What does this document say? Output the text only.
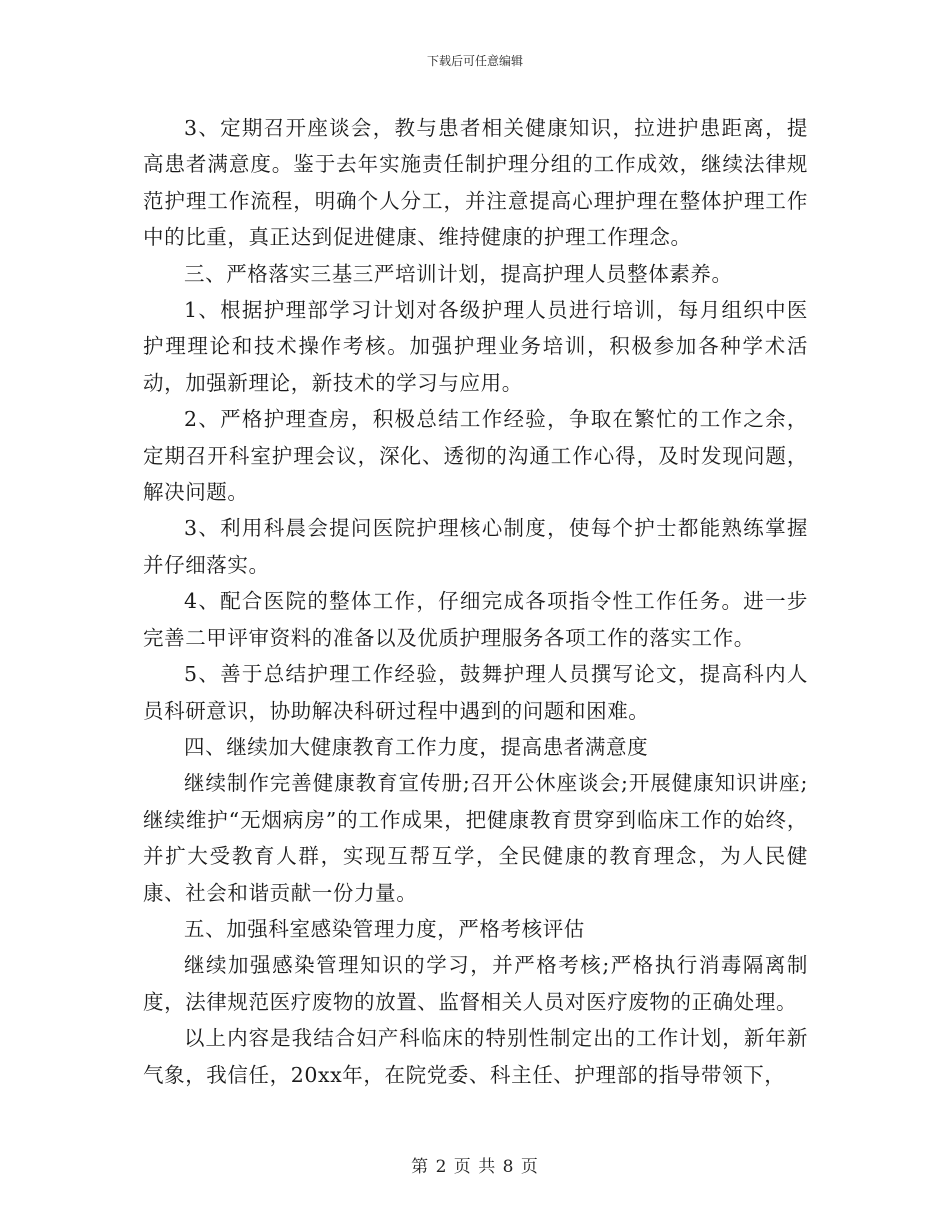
下载后可任意编辑

3、定期召开座谈会，教与患者相关健康知识，拉进护患距离，提高患者满意度。鉴于去年实施责任制护理分组的工作成效，继续法律规范护理工作流程，明确个人分工，并注意提高心理护理在整体护理工作中的比重，真正达到促进健康、维持健康的护理工作理念。

三、严格落实三基三严培训计划，提高护理人员整体素养。

1、根据护理部学习计划对各级护理人员进行培训，每月组织中医护理理论和技术操作考核。加强护理业务培训，积极参加各种学术活动，加强新理论，新技术的学习与应用。

2、严格护理查房，积极总结工作经验，争取在繁忙的工作之余，定期召开科室护理会议，深化、透彻的沟通工作心得，及时发现问题，解决问题。

3、利用科晨会提问医院护理核心制度，使每个护士都能熟练掌握并仔细落实。

4、配合医院的整体工作，仔细完成各项指令性工作任务。进一步完善二甲评审资料的准备以及优质护理服务各项工作的落实工作。

5、善于总结护理工作经验，鼓舞护理人员撰写论文，提高科内人员科研意识，协助解决科研过程中遇到的问题和困难。

四、继续加大健康教育工作力度，提高患者满意度

继续制作完善健康教育宣传册;召开公休座谈会;开展健康知识讲座;继续维护“无烟病房”的工作成果，把健康教育贯穿到临床工作的始终，并扩大受教育人群，实现互帮互学，全民健康的教育理念，为人民健康、社会和谐贡献一份力量。

五、加强科室感染管理力度，严格考核评估

继续加强感染管理知识的学习，并严格考核;严格执行消毒隔离制度，法律规范医疗废物的放置、监督相关人员对医疗废物的正确处理。

以上内容是我结合妇产科临床的特别性制定出的工作计划，新年新气象，我信任，20xx年，在院党委、科主任、护理部的指导带领下，

第 2 页 共 8 页
